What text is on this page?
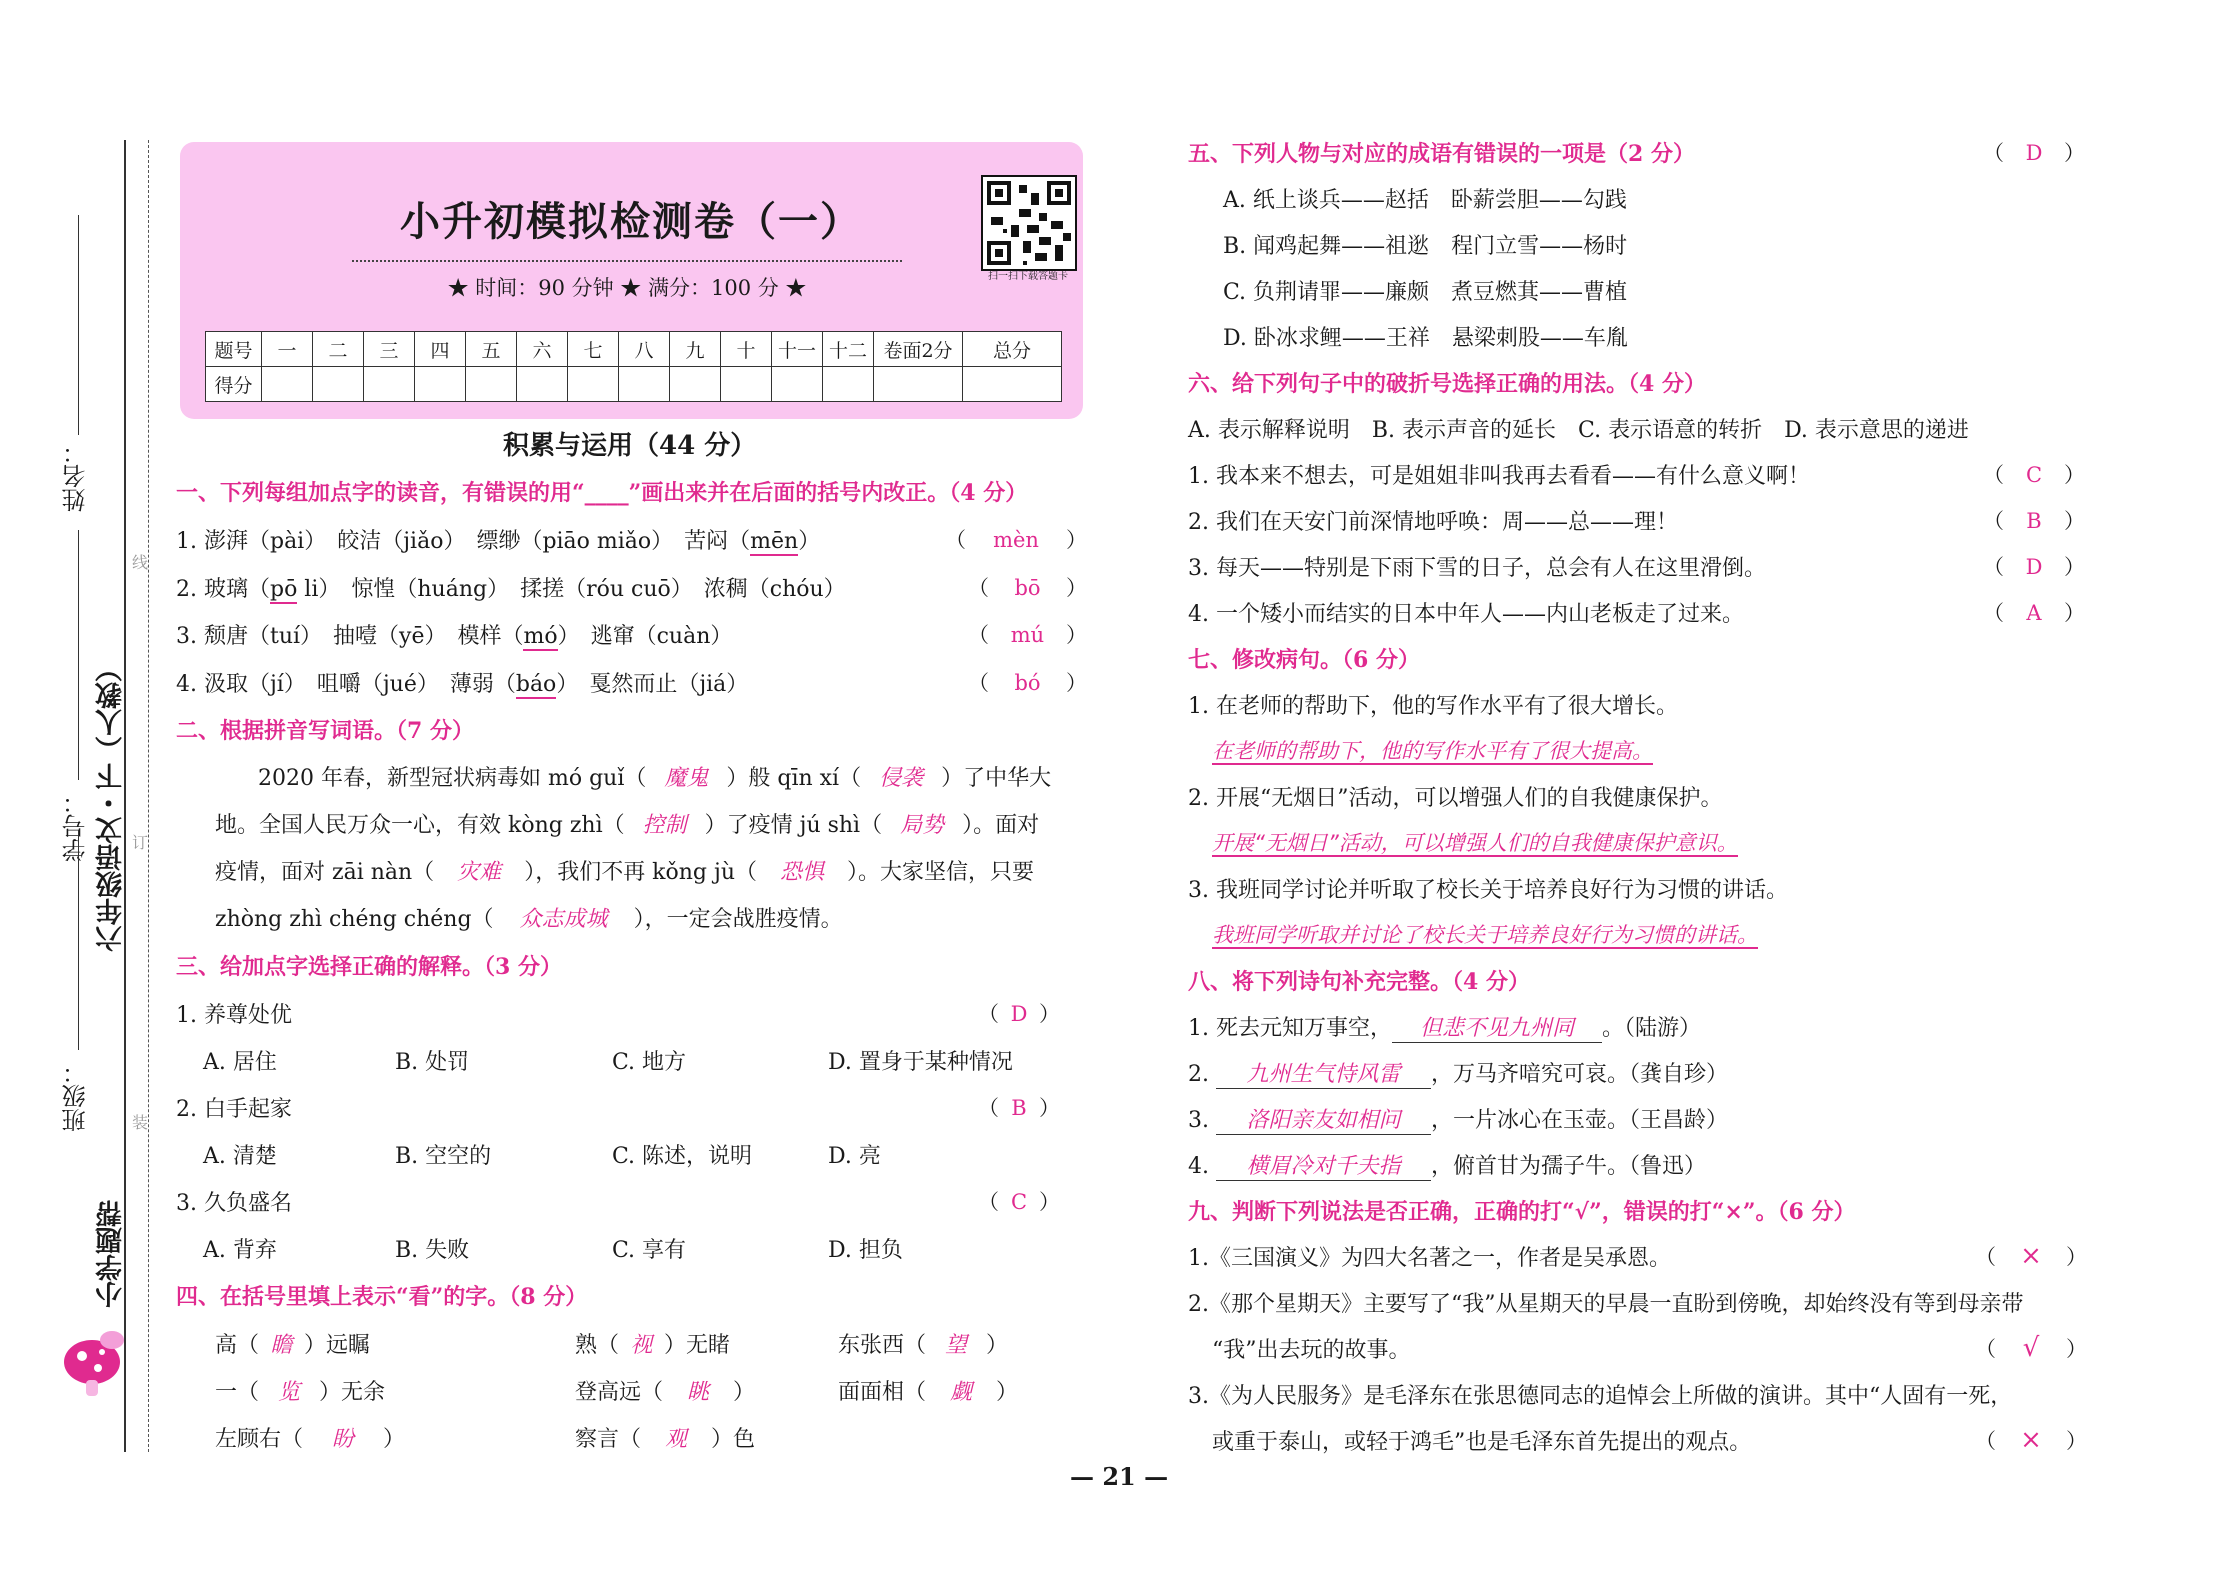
姓名：
学号：
班级：
六年级语文・下（人教）
小学题帮
线
订
装
小升初模拟检测卷（一）
★ 时间：90 分钟 ★ 满分：100 分 ★	扫一扫下载答题卡
题号	一	二	三	四	五	六	七	八	九	十	十一	十二	卷面2分	总分
得分														
积累与运用（44 分）
一、下列每组加点字的读音，有错误的用“____”画出来并在后面的括号内改正。（4 分）
1. 澎湃（pài）　皎洁（jiǎo）　缥缈（piāo miǎo）　苦闷（mēn）	（ mèn ）
2. 玻璃（pō li）　惊惶（huáng）　揉搓（róu cuō）　浓稠（chóu）	（ bō ）
3. 颓唐（tuí）　抽噎（yē）　模样（mó）　逃窜（cuàn）	（ mú ）
4. 汲取（jí）　咀嚼（jué）　薄弱（báo）　戛然而止（jiá）	（ bó ）
二、根据拼音写词语。（7 分）
2020 年春，新型冠状病毒如 mó guǐ（ 魔鬼 ）般 qīn xí（ 侵袭 ）了中华大
地。全国人民万众一心，有效 kòng zhì（ 控制 ）了疫情 jú shì（ 局势 ）。面对
疫情，面对 zāi nàn（ 灾难 ），我们不再 kǒng jù（ 恐惧 ）。大家坚信，只要
zhòng zhì chéng chéng（ 众志成城 ），一定会战胜疫情。
三、给加点字选择正确的解释。（3 分）
1. 养尊处优	（ D ）
A. 居住	B. 处罚	C. 地方	D. 置身于某种情况
2. 白手起家	（ B ）
A. 清楚	B. 空空的	C. 陈述，说明	D. 亮
3. 久负盛名	（ C ）
A. 背弃	B. 失败	C. 享有	D. 担负
四、在括号里填上表示“看”的字。（8 分）
高（ 瞻 ）远瞩	熟（ 视 ）无睹	东张西（ 望 ）
一（ 览 ）无余	登高远（ 眺 ）	面面相（ 觑 ）
左顾右（ 盼 ）	察言（ 观 ）色
五、下列人物与对应的成语有错误的一项是（2 分）	（ D ）
A. 纸上谈兵——赵括　卧薪尝胆——勾践
B. 闻鸡起舞——祖逖　程门立雪——杨时
C. 负荆请罪——廉颇　煮豆燃萁——曹植
D. 卧冰求鲤——王祥　悬梁刺股——车胤
六、给下列句子中的破折号选择正确的用法。（4 分）
A. 表示解释说明　B. 表示声音的延长　C. 表示语意的转折　D. 表示意思的递进
1. 我本来不想去，可是姐姐非叫我再去看看——有什么意义啊！	（ C ）
2. 我们在天安门前深情地呼唤：周——总——理！	（ B ）
3. 每天——特别是下雨下雪的日子，总会有人在这里滑倒。	（ D ）
4. 一个矮小而结实的日本中年人——内山老板走了过来。	（ A ）
七、修改病句。（6 分）
1. 在老师的帮助下，他的写作水平有了很大增长。
在老师的帮助下，他的写作水平有了很大提高。
2. 开展“无烟日”活动，可以增强人们的自我健康保护。
开展“无烟日”活动，可以增强人们的自我健康保护意识。
3. 我班同学讨论并听取了校长关于培养良好行为习惯的讲话。
我班同学听取并讨论了校长关于培养良好行为习惯的讲话。
八、将下列诗句补充完整。（4 分）
1. 死去元知万事空， 但悲不见九州同 。（陆游）
2. 九州生气恃风雷 ，万马齐喑究可哀。（龚自珍）
3. 洛阳亲友如相问 ，一片冰心在玉壶。（王昌龄）
4. 横眉冷对千夫指 ，俯首甘为孺子牛。（鲁迅）
九、判断下列说法是否正确，正确的打“√”，错误的打“×”。（6 分）
1.《三国演义》为四大名著之一，作者是吴承恩。	（ × ）
2.《那个星期天》主要写了“我”从星期天的早晨一直盼到傍晚，却始终没有等到母亲带
“我”出去玩的故事。	（ √ ）
3.《为人民服务》是毛泽东在张思德同志的追悼会上所做的演讲。其中“人固有一死，
或重于泰山，或轻于鸿毛”也是毛泽东首先提出的观点。	（ × ）
— 21 —
